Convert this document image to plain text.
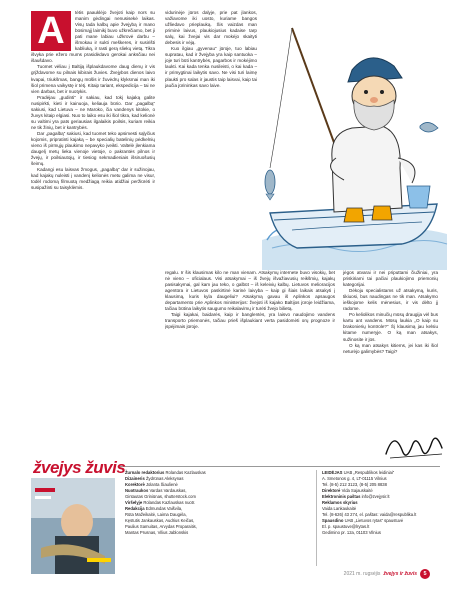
A	tėtis paauklėjo žvejoti kaip nors su manim gėdingai nenusisekė laikas. Visų tada kalbų apie žvejybą ir mano būsimąjį laimikį buvo užkrečiamo, bet ji pati mane labiau užkrovė darbu – išmokau ir sukti meškeres, ir susirišti kabliuką, ir rasti gerą sliekų vietą. Tikra išvyka prie ežero mums prasidėdavo gerokai anksčiau nei išaušdavo.

Tuomet vėliau į Baltiją išplaukdavome daug dienų ir vis grįždavome su pilnais kibirais žuvies. Žvejybos dienos laivo kvapai, triukšmas, bangų mūšis ir žuvėdrų klyksmai man iki šiol primena vaikystę ir tėtį. Kitaip tariant, ekspedicija – tai ne vien darbas, bet ir nuotykis.

Pradėjau „gudinti“ ir sakiau, kad tokį kajaką galite nusipirkti, kieti ir kainuoja, keliauja būrio. Dar „pagalbą“ sakiusi, kad Lietuva – ne Maroko, čia vandenys kitokie, o žuvys kitaip elgiasi. Nuo to laiko esu iki šiol tikra, kad kelionė su valtimi yra pats geriausias ilgalaikis poilsis, kuriam reikia ne tik žinių, bet ir kantrybės.

Dar „pagalbą“ sakiusi, kad tuomet teko apsimesti sąlyčius kojomis, pripratinti kajaką – be specialių batelinių pėdkelnių vieno iš pirmųjų plaukimo nepavyko įveikti. Valtelė įlenkiama daugelį metų lieka vienoje vietoje, o pakrantės pilnos ir žvejų, ir poilsiautojų, ir tiesiog sekmadieniais išsiruošusių šeimų.

Kadangi esu laisvas žmogus, „pagalbą“ dar ir sužinojau, kad kajakų nuleisti į vandenį kelionės metu galima ne visur, todėl rodomą filmuotą medžiagą reikia atidžiai peržiūrėti ir susipažinti su taisyklėmis.

vidurinėje jūros dalyje, prie pat įlankos, važiavome iki uosto, kuriame bangos užliedavo prieplauką. Šis vaizdas man priminė laivus, plaukiojusius kadaise tarp salų, kai žvejai vis dar mokėjo skaityti debesis ir vėją.

Kuo ilgiau „gyvenau“ jūroje, tuo labiau supratau, kad ir žvejyba yra kaip santuoka – joje turi būti kantrybės, pagarbos ir mokėjimo laukti. Kai kada tenka nusileisti, o kai kada – ir primygtinai laikytis savo. Ne visi turi laimę plaukti pro salas ir jaustis taip laisvai, kaip tai jaučia jūrininkas savo laive.

regalu. Ir šis klausimas kilo ne man vienam. Atsakymų internete buvo visokių, bet nė vieno – oficialaus. Visi atsakymai – iš žvejų išvažiavusių reikšmių, kajakų pasisakymai, gal kam jau teko, o galbūt – iš keleivių kalbų. Lietuvos melioracijos agentūra ir Lietuvos paskirtinė karinė laivyba – kaip gi šiais laikais atsakyti į klausimą, kuris kyla daugeliui? Atsakymą gavau iš Aplinkos apsaugos departamento prie Aplinkos ministerijos: žvejoti iš kajako Baltijos jūroje leidžiama, tačiau būtina laikytis saugumo reikalavimų ir turėti žvejo bilietą.

Taigi kajakai, baidarės, kaip ir banglentės, yra laisvo naudojimo vandens transporto priemonės, tačiau prieš išplaukiant verta pasidomėti orų prognoze ir įspėjimais jūroje.

jėgos atvarai ir nei priputtami čiužiniai, yra priskiriami tai pačiai plaukiojimo priemonių kategorijai.

Dėkoju specialistams už atsakymą, kuris, tikiuosi, bus naudingas ne tik man. Atsakymo ieškojome kelis mėnesius, ir vis dėlto jį radome.

Po keliolikos minučių mūsų draugija vėl bus kartu ant vandens. Mūsų laukia „O kaip su brakonierių kontrole?“ Šį klausimą jau kelsiu kitame numeryje. O ką man atsakys, sužinosite ir jūs.

O ką man atsakys kitiems, jei kas iki šiol neturėjo galimybės? Taigi?

žvejys žuvis Žurnalo redaktorius Rolandas Kazlauskas
Dizaineris Žydrūnas Aleksynas
Korektorė Jolanta Šiaulienė
Nuotraukos Vardas Vardauskas,
Gintautas Griniūnas, shutterstock.com
Viršelyje Rolandas Kazlauskas nuotr.
Redakcija Edmundas Vaišvila,
Rūta Mažeikaitė, Laima Daugėla,
Kęstutis Jankauskas, Audrius Keičas,
Paulius Samuitas, Arvydas Proparaitis,
Mantas Prusnas, Vilius Jablonskis
LEIDĖJAS UAB „Respublikos leidiniai“
A. Smetonos g. 4, LT-01115 Vilnius
Tel. (8-5) 212 3123, (8-5) 205 8838
Direktorė Vida Sajauskaitė
Elektroninis paštas info@zvejysir.lt
Reklamos skyrius
Vaida Lankaukaitė
Tel. (8-626) 43 274, el. paštas: vaida@respublika.lt
Spausdino UAB „Lietuvos rytas“ spaustuvė
El. p. spaustuve@lrytas.lt
Gedimino pr. 12a, 01103 Vilnius
2021 m. rugsėjis žvejys ir žuvis	5
